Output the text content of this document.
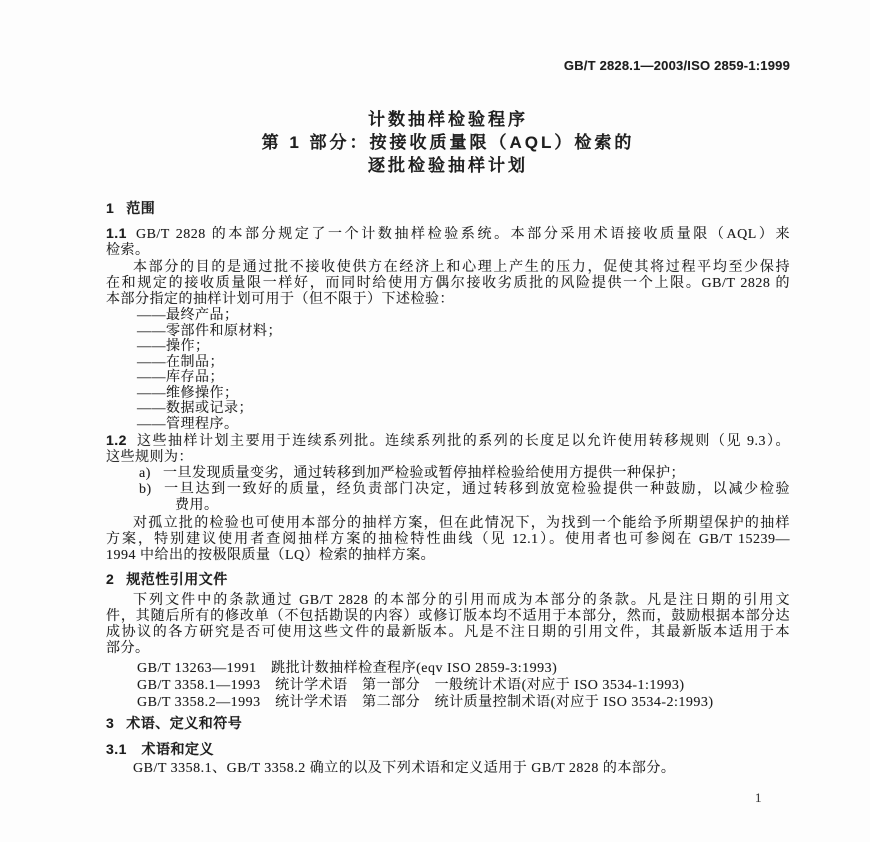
GB/T 2828.1—2003/ISO 2859-1:1999
计数抽样检验程序
第 1 部分：按接收质量限（AQL）检索的
逐批检验抽样计划
1 范围
1.1 GB/T 2828 的本部分规定了一个计数抽样检验系统。本部分采用术语接收质量限（AQL）来
检索。
本部分的目的是通过批不接收使供方在经济上和心理上产生的压力，促使其将过程平均至少保持
在和规定的接收质量限一样好，而同时给使用方偶尔接收劣质批的风险提供一个上限。GB/T 2828 的
本部分指定的抽样计划可用于（但不限于）下述检验：
——最终产品；
——零部件和原材料；
——操作；
——在制品；
——库存品；
——维修操作；
——数据或记录；
——管理程序。
1.2 这些抽样计划主要用于连续系列批。连续系列批的系列的长度足以允许使用转移规则（见 9.3）。
这些规则为：
a) 一旦发现质量变劣，通过转移到加严检验或暂停抽样检验给使用方提供一种保护；
b) 一旦达到一致好的质量，经负责部门决定，通过转移到放宽检验提供一种鼓励，以减少检验
费用。
对孤立批的检验也可使用本部分的抽样方案，但在此情况下，为找到一个能给予所期望保护的抽样
方案，特别建议使用者查阅抽样方案的抽检特性曲线（见 12.1）。使用者也可参阅在 GB/T 15239—
1994 中给出的按极限质量（LQ）检索的抽样方案。
2 规范性引用文件
下列文件中的条款通过 GB/T 2828 的本部分的引用而成为本部分的条款。凡是注日期的引用文
件，其随后所有的修改单（不包括勘误的内容）或修订版本均不适用于本部分，然而，鼓励根据本部分达
成协议的各方研究是否可使用这些文件的最新版本。凡是不注日期的引用文件，其最新版本适用于本
部分。
GB/T 13263—1991　跳批计数抽样检查程序(eqv ISO 2859-3:1993)
GB/T 3358.1—1993　统计学术语　第一部分　一般统计术语(对应于 ISO 3534-1:1993)
GB/T 3358.2—1993　统计学术语　第二部分　统计质量控制术语(对应于 ISO 3534-2:1993)
3 术语、定义和符号
3.1　术语和定义
GB/T 3358.1、GB/T 3358.2 确立的以及下列术语和定义适用于 GB/T 2828 的本部分。
1
